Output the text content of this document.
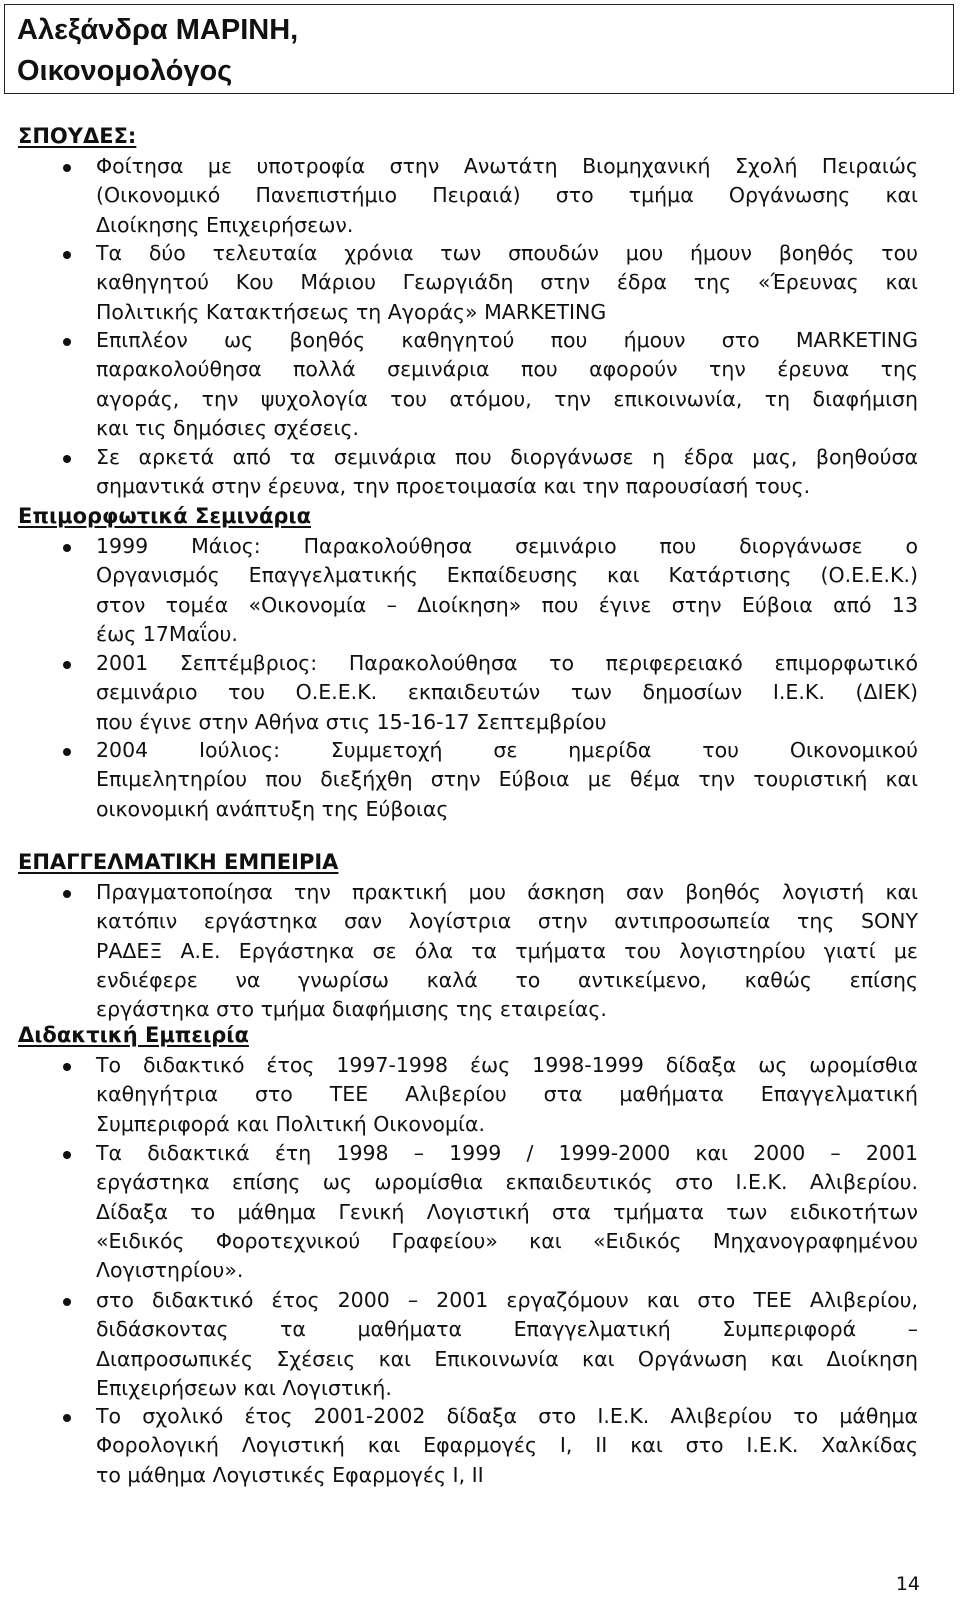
Αλεξάνδρα ΜΑΡΙΝΗ,
Οικονομολόγος
ΣΠΟΥΔΕΣ:
Φοίτησα με υποτροφία στην Ανωτάτη Βιομηχανική Σχολή Πειραιώς
(Οικονομικό Πανεπιστήμιο Πειραιά) στο τμήμα Οργάνωσης και
Διοίκησης Επιχειρήσεων.
Τα δύο τελευταία χρόνια των σπουδών μου ήμουν βοηθός του
καθηγητού Κου Μάριου Γεωργιάδη στην έδρα της «Έρευνας και
Πολιτικής Κατακτήσεως τη Αγοράς» MARKETING
Επιπλέον ως βοηθός καθηγητού που ήμουν στο MARKETING
παρακολούθησα πολλά σεμινάρια που αφορούν την έρευνα της
αγοράς, την ψυχολογία του ατόμου, την επικοινωνία, τη διαφήμιση
και τις δημόσιες σχέσεις.
Σε αρκετά από τα σεμινάρια που διοργάνωσε η έδρα μας, βοηθούσα
σημαντικά στην έρευνα, την προετοιμασία και την παρουσίασή τους.
Επιμορφωτικά Σεμινάρια
1999 Μάιος: Παρακολούθησα σεμινάριο που διοργάνωσε ο
Οργανισμός Επαγγελματικής Εκπαίδευσης και Κατάρτισης (Ο.Ε.Ε.Κ.)
στον τομέα «Οικονομία – Διοίκηση» που έγινε στην Εύβοια από 13
έως 17Μαΐου.
2001 Σεπτέμβριος: Παρακολούθησα το περιφερειακό επιμορφωτικό
σεμινάριο του Ο.Ε.Ε.Κ. εκπαιδευτών των δημοσίων Ι.Ε.Κ. (ΔΙΕΚ)
που έγινε στην Αθήνα στις 15-16-17 Σεπτεμβρίου
2004 Ιούλιος: Συμμετοχή σε ημερίδα του Οικονομικού
Επιμελητηρίου που διεξήχθη στην Εύβοια με θέμα την τουριστική και
οικονομική ανάπτυξη της Εύβοιας
ΕΠΑΓΓΕΛΜΑΤΙΚΗ ΕΜΠΕΙΡΙΑ
Πραγματοποίησα την πρακτική μου άσκηση σαν βοηθός λογιστή και
κατόπιν εργάστηκα σαν λογίστρια στην αντιπροσωπεία της SONY
ΡΑΔΕΞ Α.Ε. Εργάστηκα σε όλα τα τμήματα του λογιστηρίου γιατί με
ενδιέφερε να γνωρίσω καλά το αντικείμενο, καθώς επίσης
εργάστηκα στο τμήμα διαφήμισης της εταιρείας.
Διδακτική Εμπειρία
Το διδακτικό έτος 1997-1998 έως 1998-1999 δίδαξα ως ωρομίσθια
καθηγήτρια στο ΤΕΕ Αλιβερίου στα μαθήματα Επαγγελματική
Συμπεριφορά και Πολιτική Οικονομία.
Τα διδακτικά έτη 1998 – 1999 / 1999-2000 και 2000 – 2001
εργάστηκα επίσης ως ωρομίσθια εκπαιδευτικός στο Ι.Ε.Κ. Αλιβερίου.
Δίδαξα το μάθημα Γενική Λογιστική στα τμήματα των ειδικοτήτων
«Ειδικός Φοροτεχνικού Γραφείου» και «Ειδικός Μηχανογραφημένου
Λογιστηρίου».
στο διδακτικό έτος 2000 – 2001 εργαζόμουν και στο ΤΕΕ Αλιβερίου,
διδάσκοντας τα μαθήματα Επαγγελματική Συμπεριφορά –
Διαπροσωπικές Σχέσεις και Επικοινωνία και Οργάνωση και Διοίκηση
Επιχειρήσεων και Λογιστική.
Το σχολικό έτος 2001-2002 δίδαξα στο Ι.Ε.Κ. Αλιβερίου το μάθημα
Φορολογική Λογιστική και Εφαρμογές Ι, ΙΙ και στο Ι.Ε.Κ. Χαλκίδας
το μάθημα Λογιστικές Εφαρμογές Ι, ΙΙ
14
